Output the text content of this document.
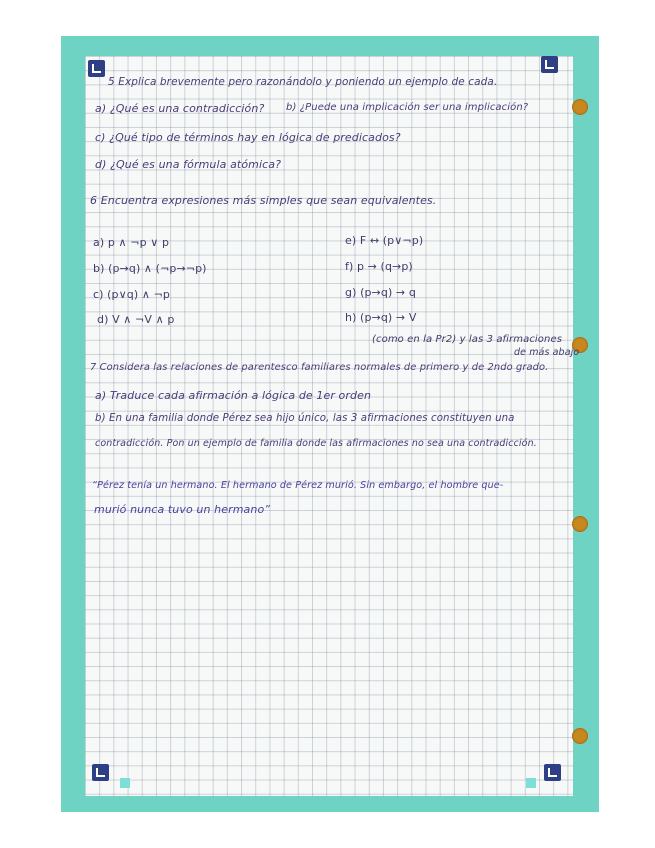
5 Explica brevemente pero razonándolo y poniendo un ejemplo de cada.
a) ¿Qué es una contradicción? b) ¿Puede una implicación ser una implicación?
c) ¿Qué tipo de términos hay en lógica de predicados?
d) ¿Qué es una fórmula atómica?
6 Encuentra expresiones más simples que sean equivalentes.
a) p ∧ ¬p ∨ p
b) (p→q) ∧ (¬p→¬p)
c) (p∨q) ∧ ¬p
d) V ∧ ¬V ∧ p
e) F ↔ (p∨¬p)
f) p → (q→p)
g) (p→q) → q
h) (p→q) → V
(como en la Pr2) y las 3 afirmaciones
de más abajo
7 Considera las relaciones de parentesco familiares normales de primero y de 2ndo grado.
a) Traduce cada afirmación a lógica de 1er orden
b) En una familia donde Pérez sea hijo único, las 3 afirmaciones constituyen una
contradicción. Pon un ejemplo de familia donde las afirmaciones no sea una contradicción.
“Pérez tenía un hermano. El hermano de Pérez murió. Sin embargo, el hombre que-
murió nunca tuvo un hermano”
